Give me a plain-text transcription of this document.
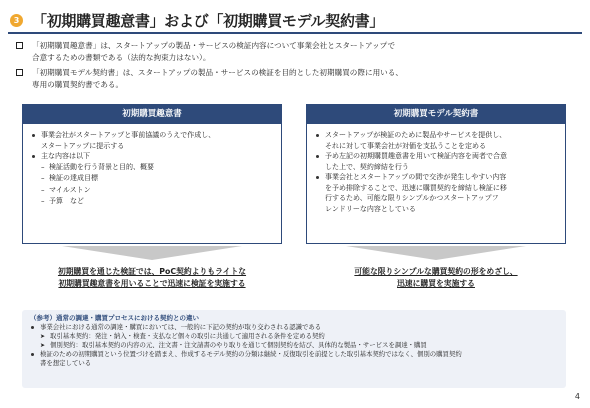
3 「初期購買趣意書」および「初期購買モデル契約書」
「初期購買趣意書」は、スタートアップの製品・サービスの検証内容について事業会社とスタートアップで
合意するための書類である（法的な拘束力はない）。
「初期購買モデル契約書」は、スタートアップの製品・サービスの検証を目的とした初期購買の際に用いる、
専用の購買契約書である。
初期購買趣意書
事業会社がスタートアップと事前協議のうえで作成し、
スタートアップに提示する
主な内容は以下
– 検証活動を行う背景と目的、概要
– 検証の達成目標
– マイルストン
– 予算　など
初期購買モデル契約書
スタートアップが検証のために製品やサービスを提供し、
それに対して事業会社が対価を支払うことを定める
予め左記の初期購買趣意書を用いて検証内容を両者で合意
した上で、契約締結を行う
事業会社とスタートアップの間で交渉が発生しやすい内容
を予め排除することで、迅速に購買契約を締結し検証に移
行するため、可能な限りシンプルかつスタートアップフ
レンドリーな内容としている
初期購買を通じた検証では、PoC契約よりもライトな
初期購買趣意書を用いることで迅速に検証を実施する
可能な限りシンプルな購買契約の形をめざし、
迅速に購買を実施する
（参考）通常の調達・購買プロセスにおける契約との違い
事業会社における通常の調達・購買においては、一般的に下記の契約が取り交わされる認識である
➤ 取引基本契約：発注・納入・検査・支払など個々の取引に共通して適用される条件を定める契約
➤ 個別契約：取引基本契約の内容の元、注文書・注文請書のやり取りを通じて個別契約を結び、具体的な製品・サービスを調達・購買
検証のための初期購買という位置づけを踏まえ、作成するモデル契約の分類は継続・反復取引を前提とした取引基本契約ではなく、個別の購買契約
書を想定している
4
